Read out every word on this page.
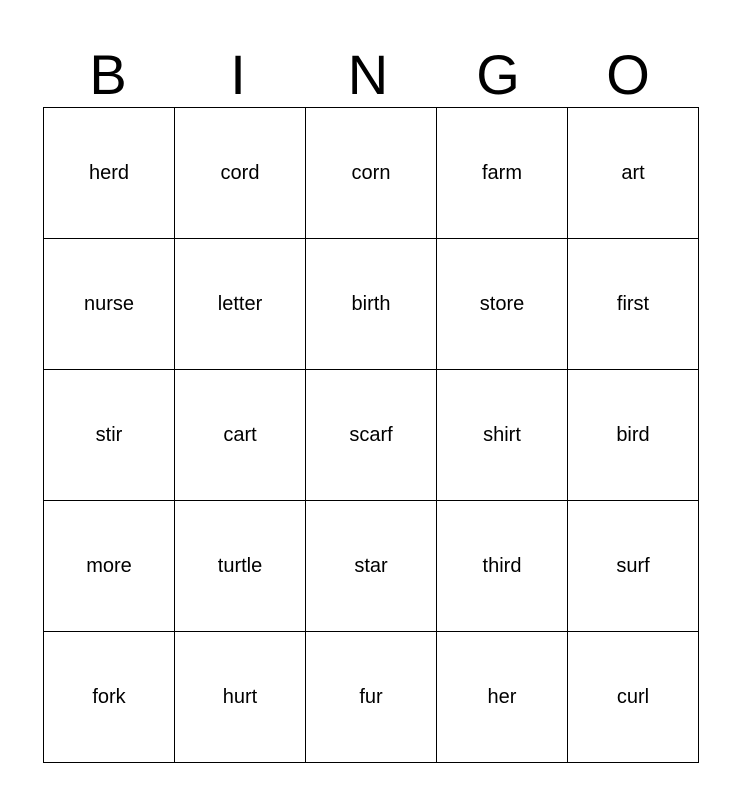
B	I	N	G	O
herd	cord	corn	farm	art
nurse	letter	birth	store	first
stir	cart	scarf	shirt	bird
more	turtle	star	third	surf
fork	hurt	fur	her	curl
